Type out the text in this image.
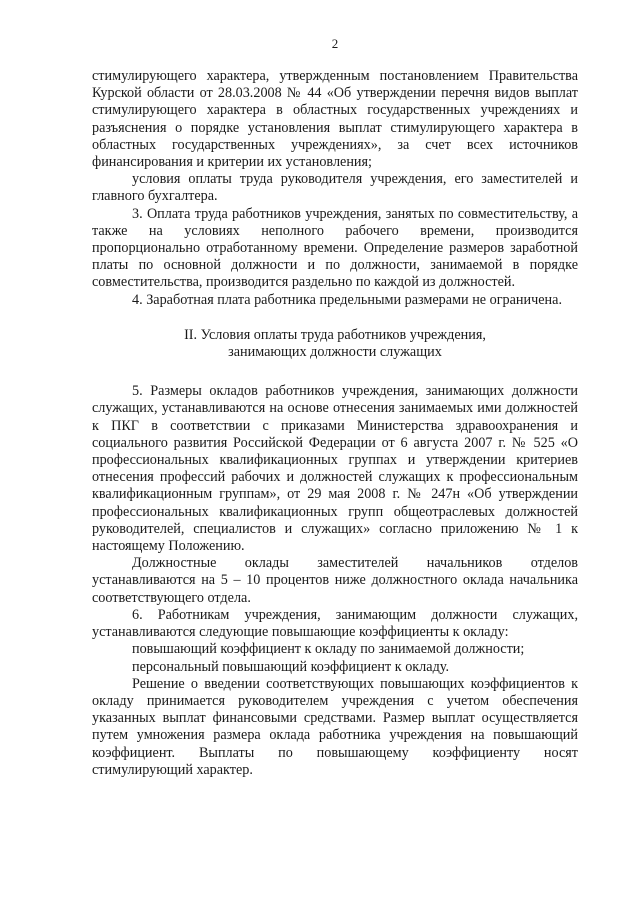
2

стимулирующего характера, утвержденным постановлением Правительства Курской области от 28.03.2008 № 44 «Об утверждении перечня видов выплат стимулирующего характера в областных государственных учреждениях и разъяснения о порядке установления выплат стимулирующего характера в областных государственных учреждениях», за счет всех источников финансирования и критерии их установления;

условия оплаты труда руководителя учреждения, его заместителей и главного бухгалтера.

3. Оплата труда работников учреждения, занятых по совместительству, а также на условиях неполного рабочего времени, производится пропорционально отработанному времени. Определение размеров заработной платы по основной должности и по должности, занимаемой в порядке совместительства, производится раздельно по каждой из должностей.

4. Заработная плата работника предельными размерами не ограничена.

II. Условия оплаты труда работников учреждения,
занимающих должности служащих

5. Размеры окладов работников учреждения, занимающих должности служащих, устанавливаются на основе отнесения занимаемых ими должностей к ПКГ в соответствии с приказами Министерства здравоохранения и социального развития Российской Федерации от 6 августа 2007 г. № 525 «О профессиональных квалификационных группах и утверждении критериев отнесения профессий рабочих и должностей служащих к профессиональным квалификационным группам», от 29 мая 2008 г. № 247н «Об утверждении профессиональных квалификационных групп общеотраслевых должностей руководителей, специалистов и служащих» согласно приложению № 1 к настоящему Положению.

Должностные оклады заместителей начальников отделов устанавливаются на 5 – 10 процентов ниже должностного оклада начальника соответствующего отдела.

6. Работникам учреждения, занимающим должности служащих, устанавливаются следующие повышающие коэффициенты к окладу:

повышающий коэффициент к окладу по занимаемой должности;

персональный повышающий коэффициент к окладу.

Решение о введении соответствующих повышающих коэффициентов к окладу принимается руководителем учреждения с учетом обеспечения указанных выплат финансовыми средствами. Размер выплат осуществляется путем умножения размера оклада работника учреждения на повышающий коэффициент. Выплаты по повышающему коэффициенту носят стимулирующий характер.
